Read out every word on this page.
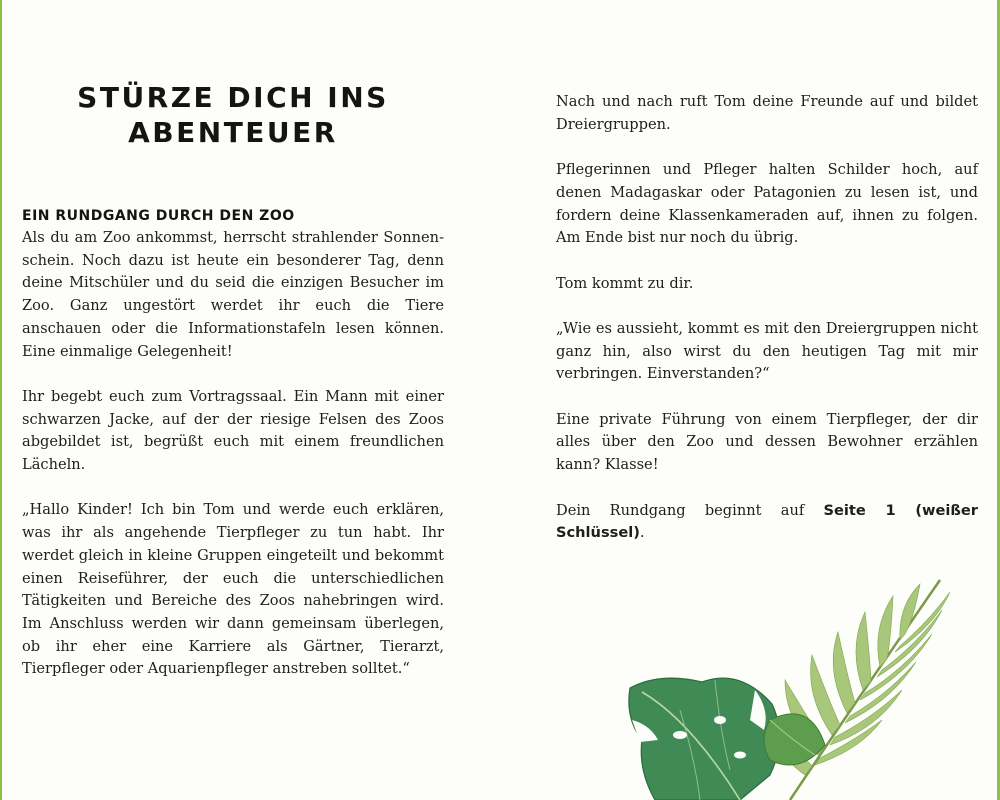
STÜRZE DICH INS
ABENTEUER
EIN RUNDGANG DURCH DEN ZOO

Als du am Zoo ankommst, herrscht strahlender Sonnenschein. Noch dazu ist heute ein besonderer Tag, denn deine Mitschüler und du seid die einzigen Besucher im Zoo. Ganz ungestört werdet ihr euch die Tiere anschauen oder die Informationstafeln lesen können. Eine einmalige Gelegenheit!

Ihr begebt euch zum Vortragssaal. Ein Mann mit einer schwarzen Jacke, auf der der riesige Felsen des Zoos abgebildet ist, begrüßt euch mit einem freundlichen Lächeln.

„Hallo Kinder! Ich bin Tom und werde euch erklären, was ihr als angehende Tierpfleger zu tun habt. Ihr werdet gleich in kleine Gruppen eingeteilt und bekommt einen Reiseführer, der euch die unterschiedlichen Tätigkeiten und Bereiche des Zoos nahebringen wird. Im Anschluss werden wir dann gemeinsam überlegen, ob ihr eher eine Karriere als Gärtner, Tierarzt, Tierpfleger oder Aquarienpfleger anstreben solltet.“

Nach und nach ruft Tom deine Freunde auf und bildet Dreiergruppen.

Pflegerinnen und Pfleger halten Schilder hoch, auf denen Madagaskar oder Patagonien zu lesen ist, und fordern deine Klassenkameraden auf, ihnen zu folgen. Am Ende bist nur noch du übrig.

Tom kommt zu dir.

„Wie es aussieht, kommt es mit den Dreiergruppen nicht ganz hin, also wirst du den heutigen Tag mit mir verbringen. Einverstanden?“

Eine private Führung von einem Tierpfleger, der dir alles über den Zoo und dessen Bewohner erzählen kann? Klasse!

Dein Rundgang beginnt auf Seite 1 (weißer Schlüssel).
